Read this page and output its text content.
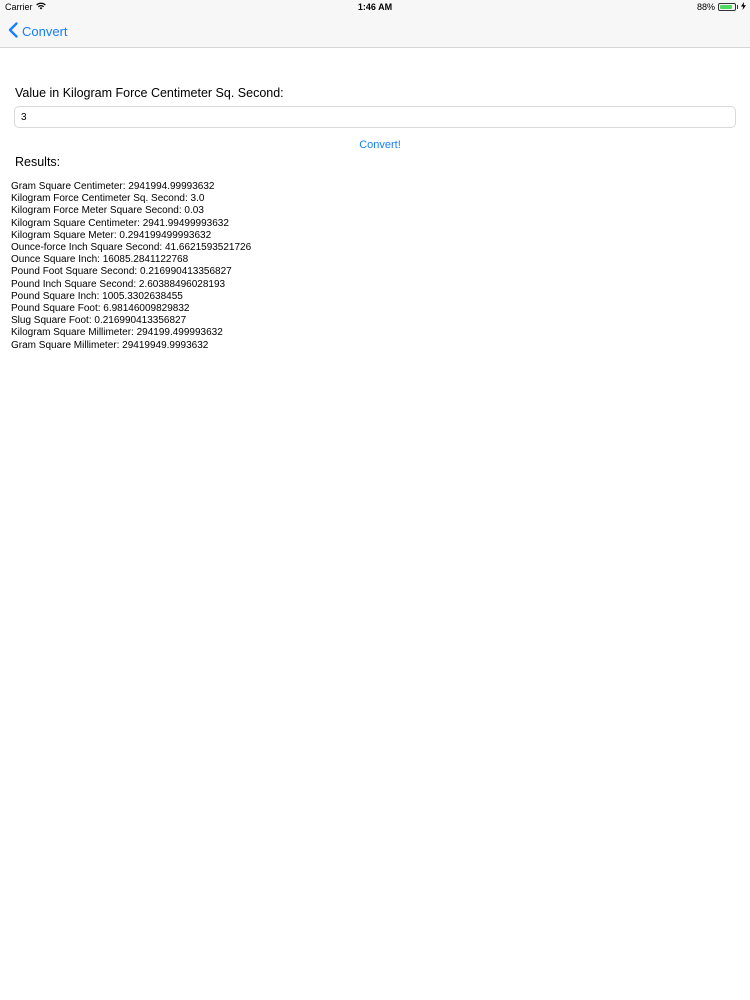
Carrier	1:46 AM	88%
Convert
Value in Kilogram Force Centimeter Sq. Second:
3
Convert!
Results:
Gram Square Centimeter: 2941994.99993632
Kilogram Force Centimeter Sq. Second: 3.0
Kilogram Force Meter Square Second: 0.03
Kilogram Square Centimeter: 2941.99499993632
Kilogram Square Meter: 0.294199499993632
Ounce-force Inch Square Second: 41.6621593521726
Ounce Square Inch: 16085.2841122768
Pound Foot Square Second: 0.216990413356827
Pound Inch Square Second: 2.60388496028193
Pound Square Inch: 1005.3302638455
Pound Square Foot: 6.98146009829832
Slug Square Foot: 0.216990413356827
Kilogram Square Millimeter: 294199.499993632
Gram Square Millimeter: 29419949.9993632
